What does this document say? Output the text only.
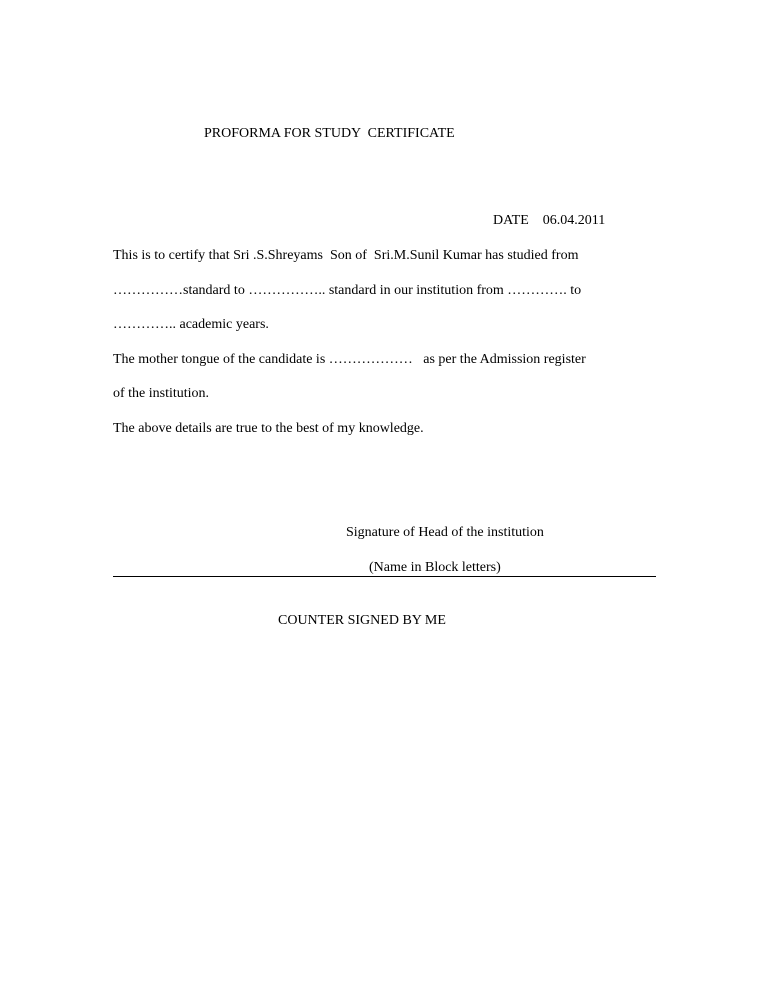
PROFORMA FOR STUDY  CERTIFICATE
DATE 06.04.2011
This is to certify that Sri .S.Shreyams  Son of  Sri.M.Sunil Kumar has studied from
……………standard to …………….. standard in our institution from …………. to
………….. academic years.
The mother tongue of the candidate is ………………   as per the Admission register
of the institution.
The above details are true to the best of my knowledge.
Signature of Head of the institution
(Name in Block letters)
COUNTER SIGNED BY ME
